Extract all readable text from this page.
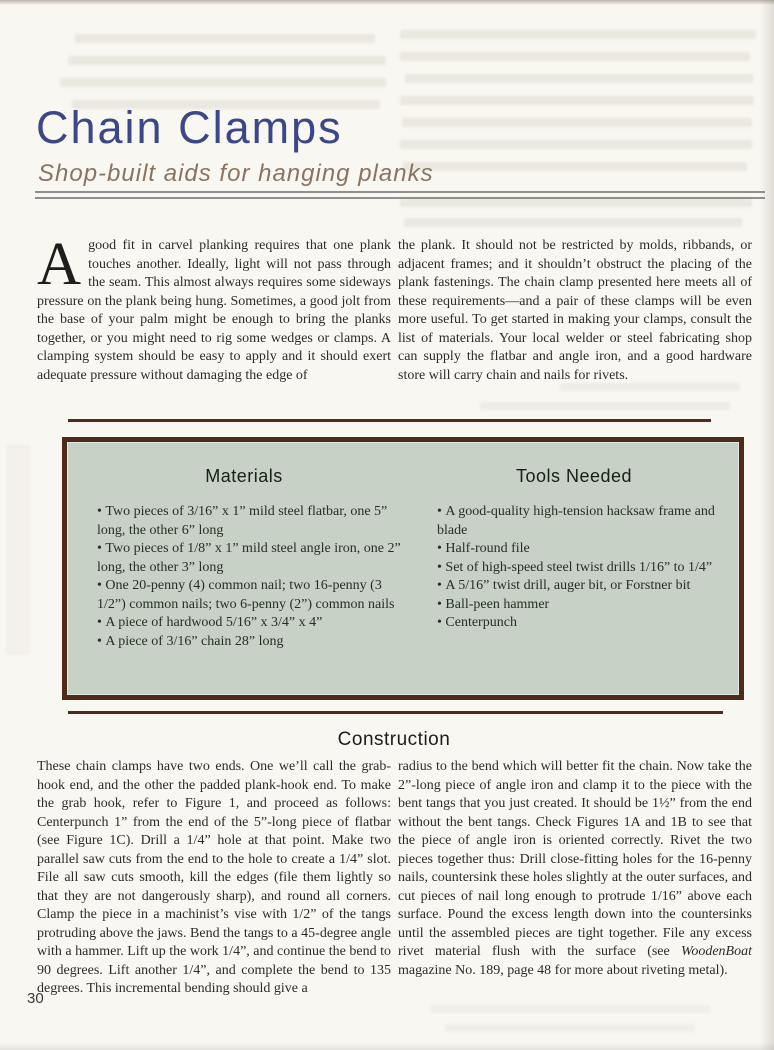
Chain Clamps
Shop-built aids for hanging planks

Agood fit in carvel planking requires that one plank touches another. Ideally, light will not pass through the seam. This almost always requires some sideways pressure on the plank being hung. Sometimes, a good jolt from the base of your palm might be enough to bring the planks together, or you might need to rig some wedges or clamps. A clamping system should be easy to apply and it should exert adequate pressure without damaging the edge of

the plank. It should not be restricted by molds, ribbands, or adjacent frames; and it shouldn’t obstruct the placing of the plank fastenings. The chain clamp presented here meets all of these requirements—and a pair of these clamps will be even more useful. To get started in making your clamps, consult the list of materials. Your local welder or steel fabricating shop can supply the flatbar and angle iron, and a good hardware store will carry chain and nails for rivets.

Materials
• Two pieces of 3/16” x 1” mild steel flatbar, one 5” long, the other 6” long
• Two pieces of 1/8” x 1” mild steel angle iron, one 2” long, the other 3” long
• One 20-penny (4) common nail; two 16-penny (3 1/2”) common nails; two 6-penny (2”) common nails
• A piece of hardwood 5/16” x 3/4” x 4”
• A piece of 3/16” chain 28” long
Tools Needed
• A good-quality high-tension hacksaw frame and blade
• Half-round file
• Set of high-speed steel twist drills 1/16” to 1/4”
• A 5/16” twist drill, auger bit, or Forstner bit
• Ball-peen hammer
• Centerpunch
Construction

These chain clamps have two ends. One we’ll call the grab-hook end, and the other the padded plank-hook end. To make the grab hook, refer to Figure 1, and proceed as follows: Centerpunch 1” from the end of the 5”-long piece of flatbar (see Figure 1C). Drill a 1/4” hole at that point. Make two parallel saw cuts from the end to the hole to create a 1/4” slot. File all saw cuts smooth, kill the edges (file them lightly so that they are not dangerously sharp), and round all corners. Clamp the piece in a machinist’s vise with 1/2” of the tangs protruding above the jaws. Bend the tangs to a 45-degree angle with a hammer. Lift up the work 1/4”, and continue the bend to 90 degrees. Lift another 1/4”, and complete the bend to 135 degrees. This incremental bending should give a

radius to the bend which will better fit the chain. Now take the 2”-long piece of angle iron and clamp it to the piece with the bent tangs that you just created. It should be 1½” from the end without the bent tangs. Check Figures 1A and 1B to see that the piece of angle iron is oriented correctly. Rivet the two pieces together thus: Drill close-fitting holes for the 16-penny nails, countersink these holes slightly at the outer surfaces, and cut pieces of nail long enough to protrude 1/16” above each surface. Pound the excess length down into the countersinks until the assembled pieces are tight together. File any excess rivet material flush with the surface (see WoodenBoat magazine No. 189, page 48 for more about riveting metal).

30
